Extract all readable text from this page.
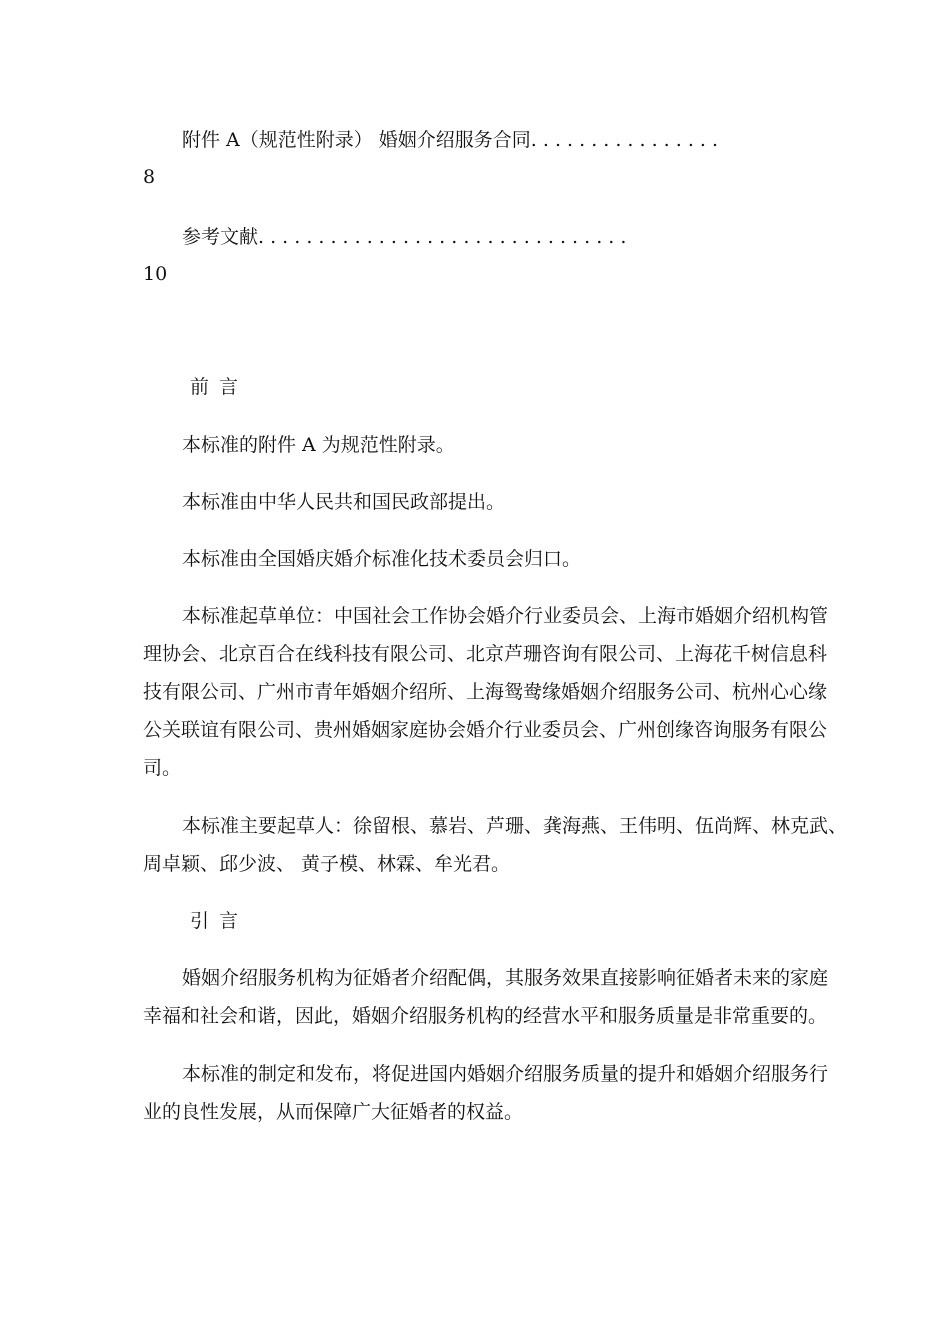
附件 A（规范性附录） 婚姻介绍服务合同. . . . . . . . . . . . . . . .
8
参考文献. . . . . . . . . . . . . . . . . . . . . . . . . . . . . . .
10
前 言
本标准的附件 A 为规范性附录。
本标准由中华人民共和国民政部提出。
本标准由全国婚庆婚介标准化技术委员会归口。
本标准起草单位：中国社会工作协会婚介行业委员会、上海市婚姻介绍机构管
理协会、北京百合在线科技有限公司、北京芦珊咨询有限公司、上海花千树信息科
技有限公司、广州市青年婚姻介绍所、上海鸳鸯缘婚姻介绍服务公司、杭州心心缘
公关联谊有限公司、贵州婚姻家庭协会婚介行业委员会、广州创缘咨询服务有限公
司。
本标准主要起草人：徐留根、慕岩、芦珊、龚海燕、王伟明、伍尚辉、林克武、
周卓颖、邱少波、 黄子模、林霖、牟光君。
引 言
婚姻介绍服务机构为征婚者介绍配偶，其服务效果直接影响征婚者未来的家庭
幸福和社会和谐，因此，婚姻介绍服务机构的经营水平和服务质量是非常重要的。
本标准的制定和发布，将促进国内婚姻介绍服务质量的提升和婚姻介绍服务行
业的良性发展，从而保障广大征婚者的权益。
